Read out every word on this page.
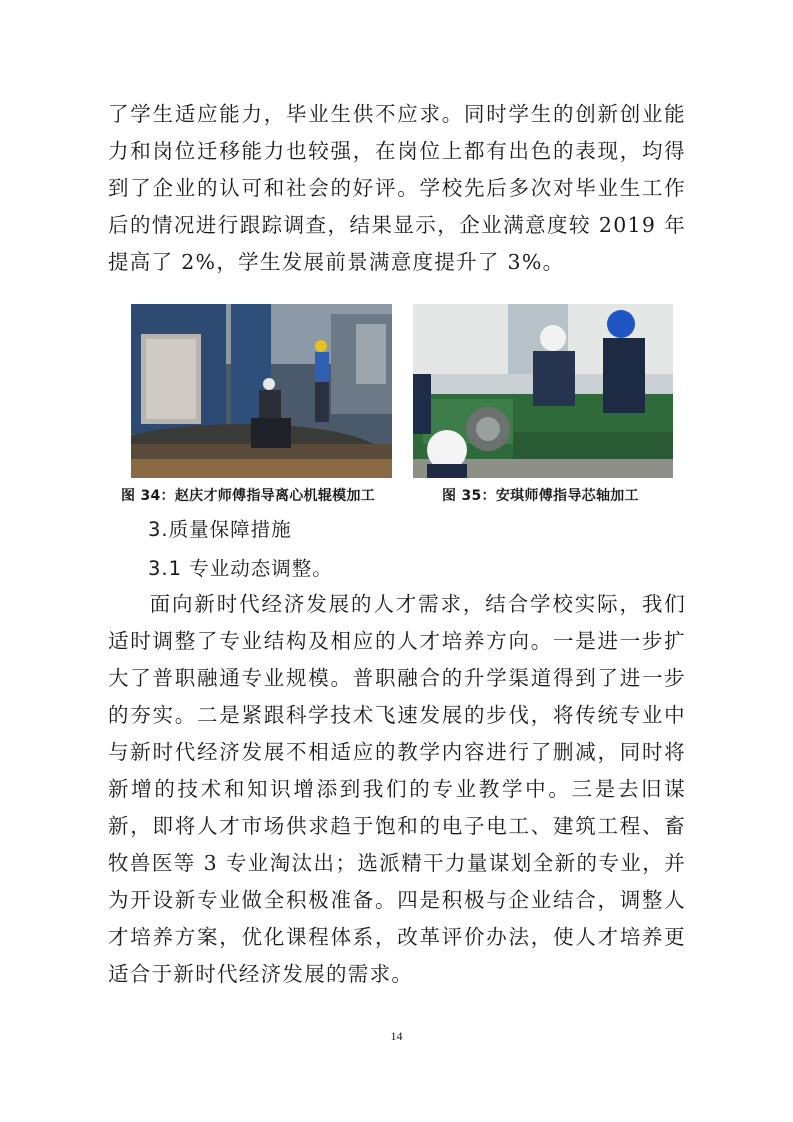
了学生适应能力，毕业生供不应求。同时学生的创新创业能力和岗位迁移能力也较强，在岗位上都有出色的表现，均得到了企业的认可和社会的好评。学校先后多次对毕业生工作后的情况进行跟踪调查，结果显示，企业满意度较 2019 年提高了 2%，学生发展前景满意度提升了 3%。

图 34：赵庆才师傅指导离心机辊模加工	图 35：安琪师傅指导芯轴加工
3.质量保障措施
3.1 专业动态调整。

面向新时代经济发展的人才需求，结合学校实际，我们适时调整了专业结构及相应的人才培养方向。一是进一步扩大了普职融通专业规模。普职融合的升学渠道得到了进一步的夯实。二是紧跟科学技术飞速发展的步伐，将传统专业中与新时代经济发展不相适应的教学内容进行了删减，同时将新增的技术和知识增添到我们的专业教学中。三是去旧谋新，即将人才市场供求趋于饱和的电子电工、建筑工程、畜牧兽医等 3 专业淘汰出；选派精干力量谋划全新的专业，并为开设新专业做全积极准备。四是积极与企业结合，调整人才培养方案，优化课程体系，改革评价办法，使人才培养更适合于新时代经济发展的需求。

14
